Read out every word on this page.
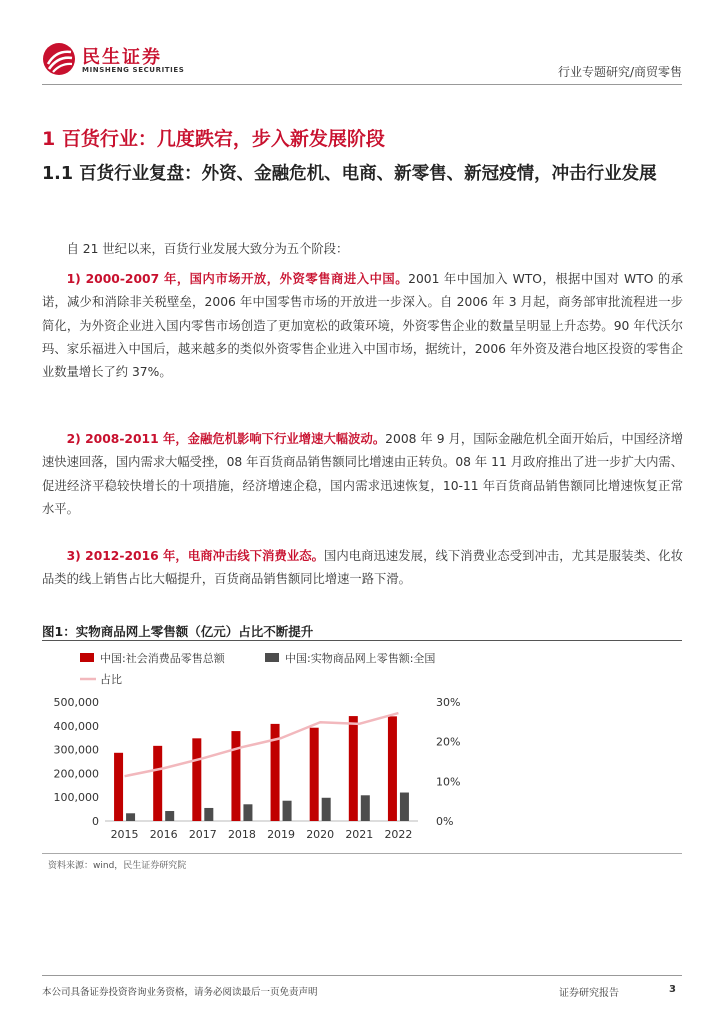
民生证券
MINSHENG SECURITIES	行业专题研究/商贸零售
1 百货行业：几度跌宕，步入新发展阶段
1.1 百货行业复盘：外资、金融危机、电商、新零售、新冠疫情，冲击行业发展
自 21 世纪以来，百货行业发展大致分为五个阶段：
1) 2000-2007 年，国内市场开放，外资零售商进入中国。2001 年中国加入 WTO，根据中国对 WTO 的承诺，减少和消除非关税壁垒，2006 年中国零售市场的开放进一步深入。自 2006 年 3 月起，商务部审批流程进一步简化，为外资企业进入国内零售市场创造了更加宽松的政策环境，外资零售企业的数量呈明显上升态势。90 年代沃尔玛、家乐福进入中国后，越来越多的类似外资零售企业进入中国市场，据统计，2006 年外资及港台地区投资的零售企业数量增长了约 37%。
2) 2008-2011 年，金融危机影响下行业增速大幅波动。2008 年 9 月，国际金融危机全面开始后，中国经济增速快速回落，国内需求大幅受挫，08 年百货商品销售额同比增速由正转负。08 年 11 月政府推出了进一步扩大内需、促进经济平稳较快增长的十项措施，经济增速企稳，国内需求迅速恢复，10-11 年百货商品销售额同比增速恢复正常水平。
3) 2012-2016 年，电商冲击线下消费业态。国内电商迅速发展，线下消费业态受到冲击，尤其是服装类、化妆品类的线上销售占比大幅提升，百货商品销售额同比增速一路下滑。
图1：实物商品网上零售额（亿元）占比不断提升
中国:社会消费品零售总额	中国:实物商品网上零售额:全国
占比
0
100,000
200,000
300,000
400,000
500,000
0%
10%
20%
30%
2015 2016 2017 2018 2019 2020 2021 2022
资料来源：wind，民生证券研究院
本公司具备证券投资咨询业务资格，请务必阅读最后一页免责声明	证券研究报告	3
